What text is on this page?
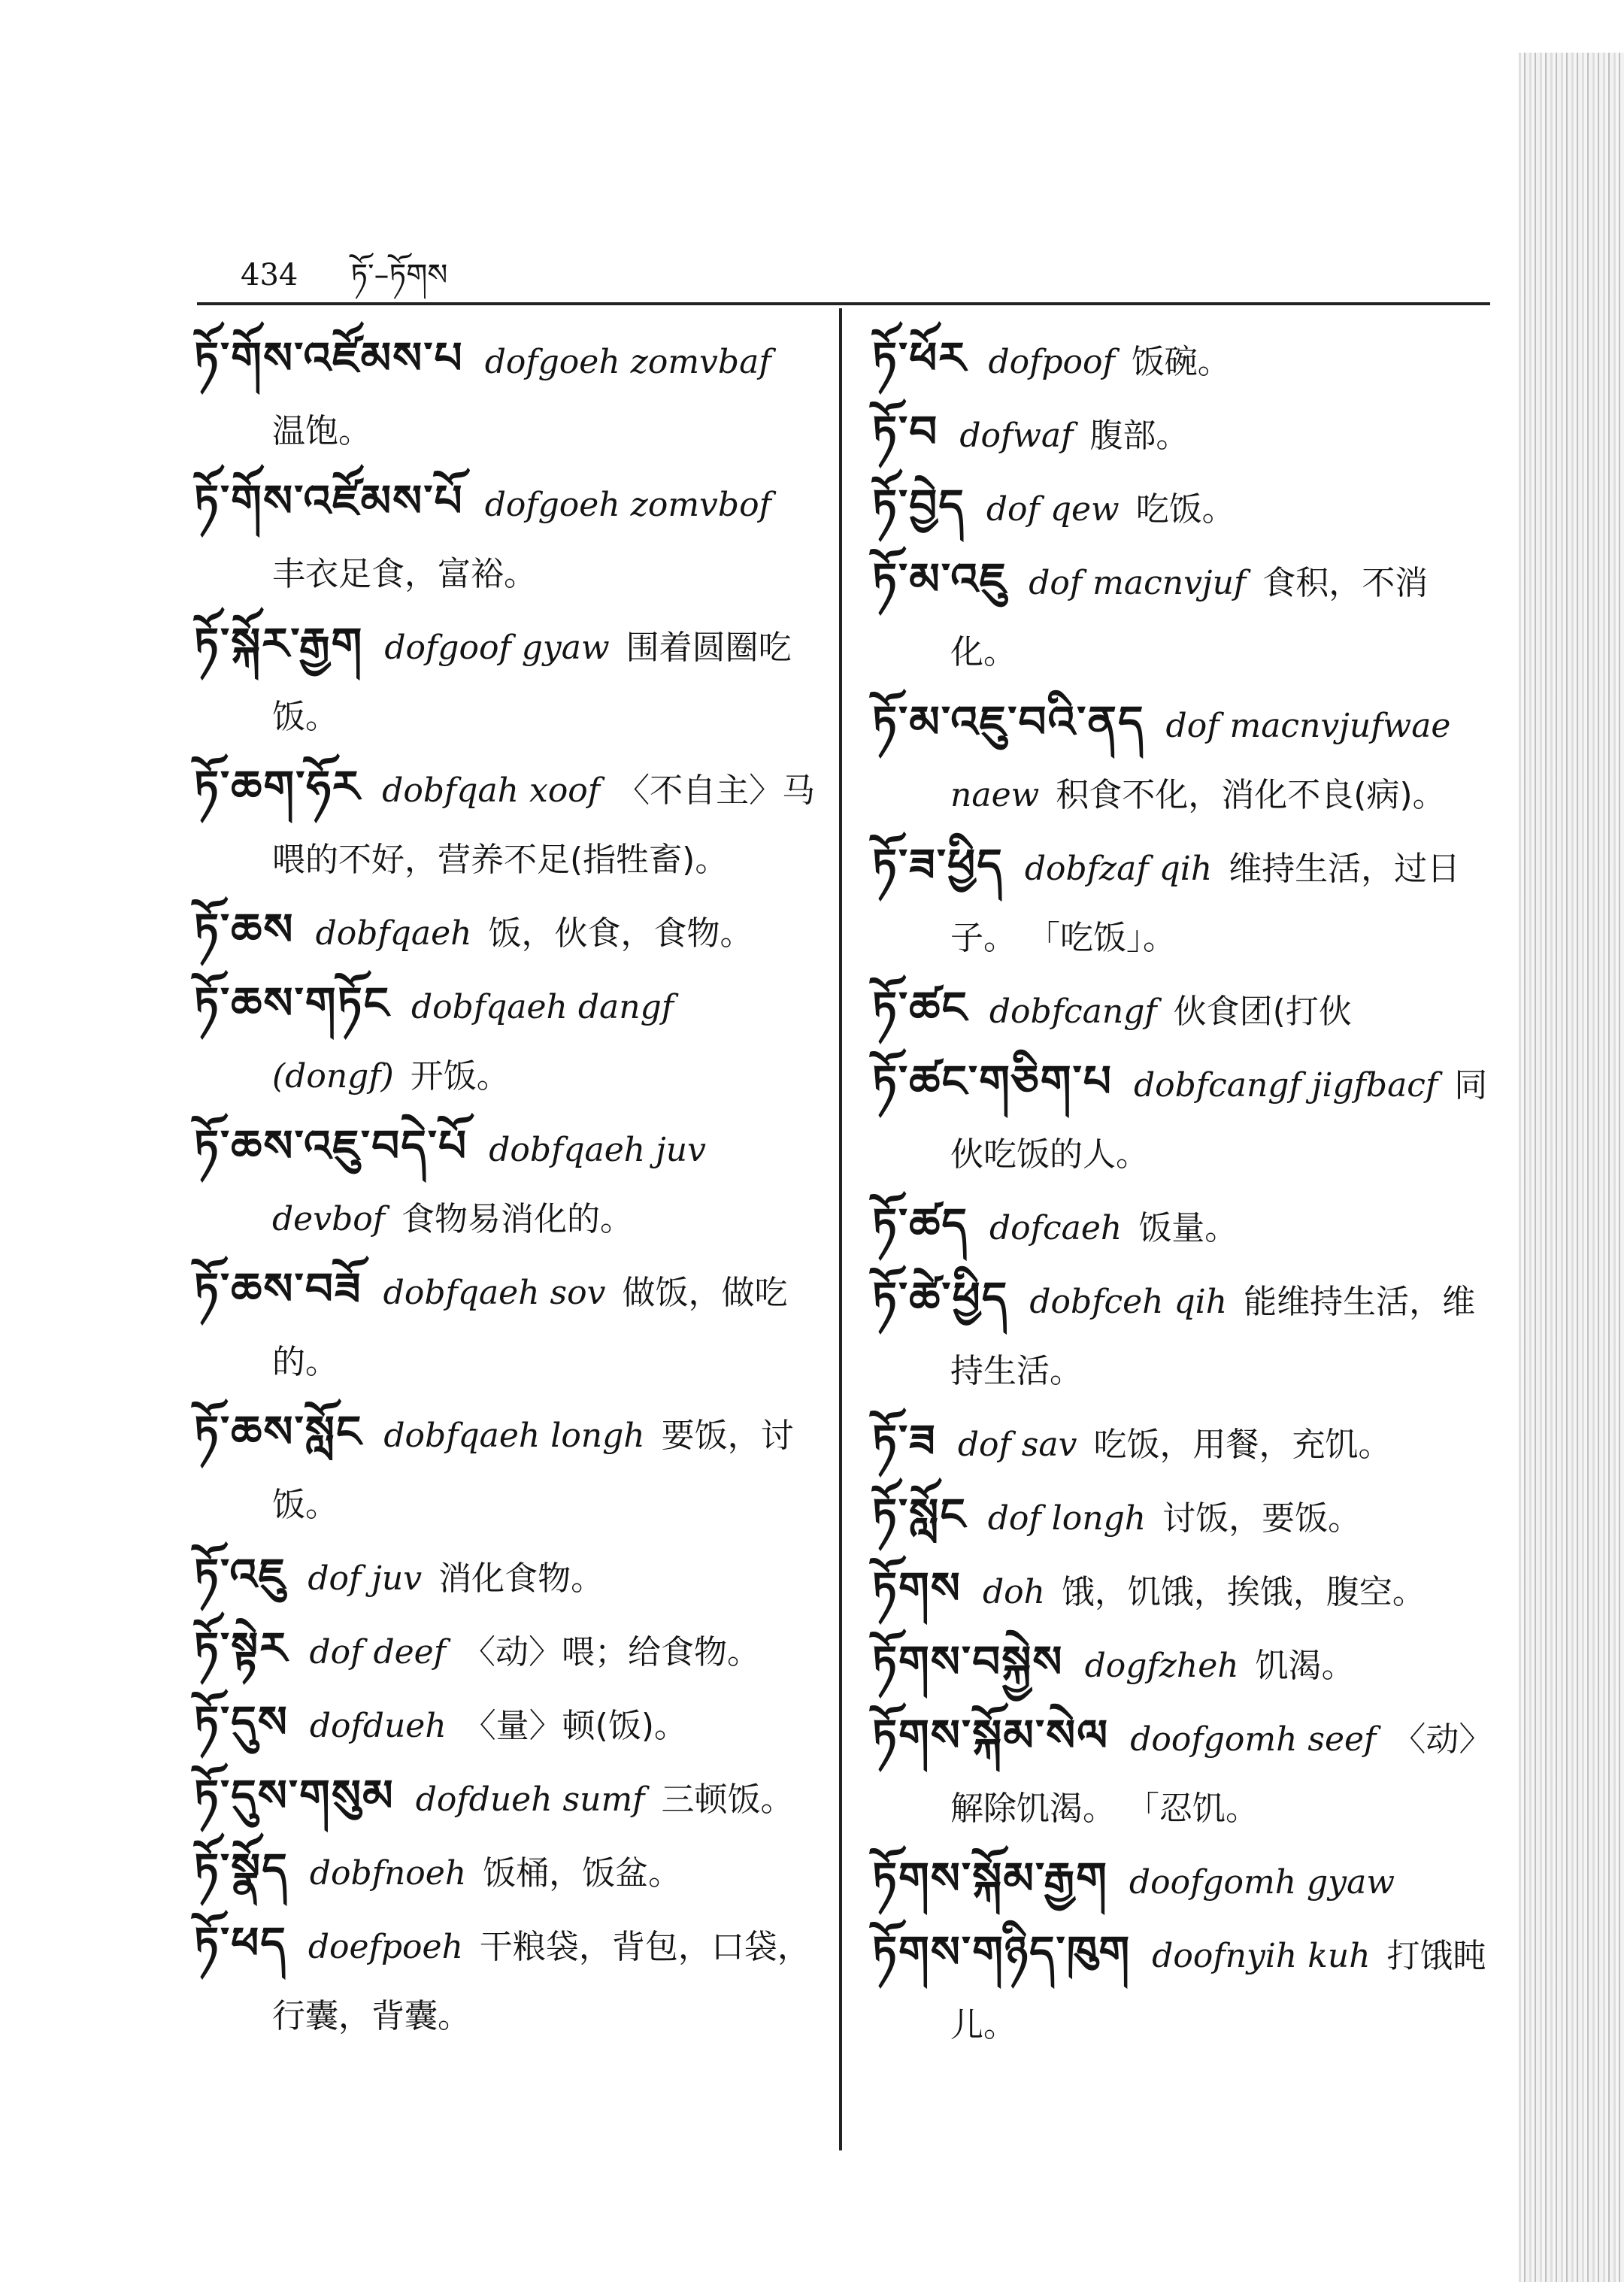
434 ཏོ་–ཏོགས

ཏོ་གོས་འཛོམས་པ dofgoeh zomvbaf温饱。

ཏོ་གོས་འཛོམས་པོ dofgoeh zomvbof丰衣足食，富裕。

ཏོ་སྐོར་རྒྱག dofgoof gyaw 围着圆圈吃饭。

ཏོ་ཆག་ཧོར dobfqah xoof 〈不自主〉马喂的不好，营养不足(指牲畜)。

ཏོ་ཆས dobfqaeh 饭，伙食，食物。

ཏོ་ཆས་གཏོང dobfqaeh dangf (dongf) 开饭。

ཏོ་ཆས་འཇུ་བདེ་པོ dobfqaeh juv devbof 食物易消化的。

ཏོ་ཆས་བཟོ dobfqaeh sov 做饭，做吃的。

ཏོ་ཆས་སློང dobfqaeh longh 要饭，讨饭。

ཏོ་འཇུ dof juv 消化食物。

ཏོ་སྟེར dof deef 〈动〉喂；给食物。

ཏོ་དུས dofdueh 〈量〉顿(饭)。

ཏོ་དུས་གསུམ dofdueh sumf 三顿饭。

ཏོ་སྣོད dobfnoeh 饭桶，饭盆。

ཏོ་ཕད doefpoeh 干粮袋，背包，口袋，行囊，背囊。

ཏོ་ཕོར dofpoof 饭碗。

ཏོ་བ dofwaf 腹部。

ཏོ་བྱེད dof qew 吃饭。

ཏོ་མ་འཇུ dof macnvjuf 食积，不消化。

ཏོ་མ་འཇུ་བའི་ནད dof macnvjufwae naew 积食不化，消化不良(病)。

ཏོ་ཟ་ཕྱིད dobfzaf qih 维持生活，过日子。 「吃饭」。

ཏོ་ཚང dobfcangf 伙食团(打伙

ཏོ་ཚང་གཅིག་པ dobfcangf jigfbacf 同伙吃饭的人。

ཏོ་ཚད dofcaeh 饭量。

ཏོ་ཚེ་ཕྱིད dobfceh qih 能维持生活，维持生活。

ཏོ་ཟ dof sav 吃饭，用餐，充饥。

ཏོ་སློང dof longh 讨饭，要饭。

ཏོགས doh 饿，饥饿，挨饿，腹空。

ཏོགས་བསྐྱེས dogfzheh 饥渴。

ཏོགས་སྐོམ་སེལ doofgomh seef 〈动〉解除饥渴。 「忍饥。

ཏོགས་སྐོམ་རྒྱག doofgomh gyaw

ཏོགས་གཉིད་ཁུག doofnyih kuh 打饿盹儿。
